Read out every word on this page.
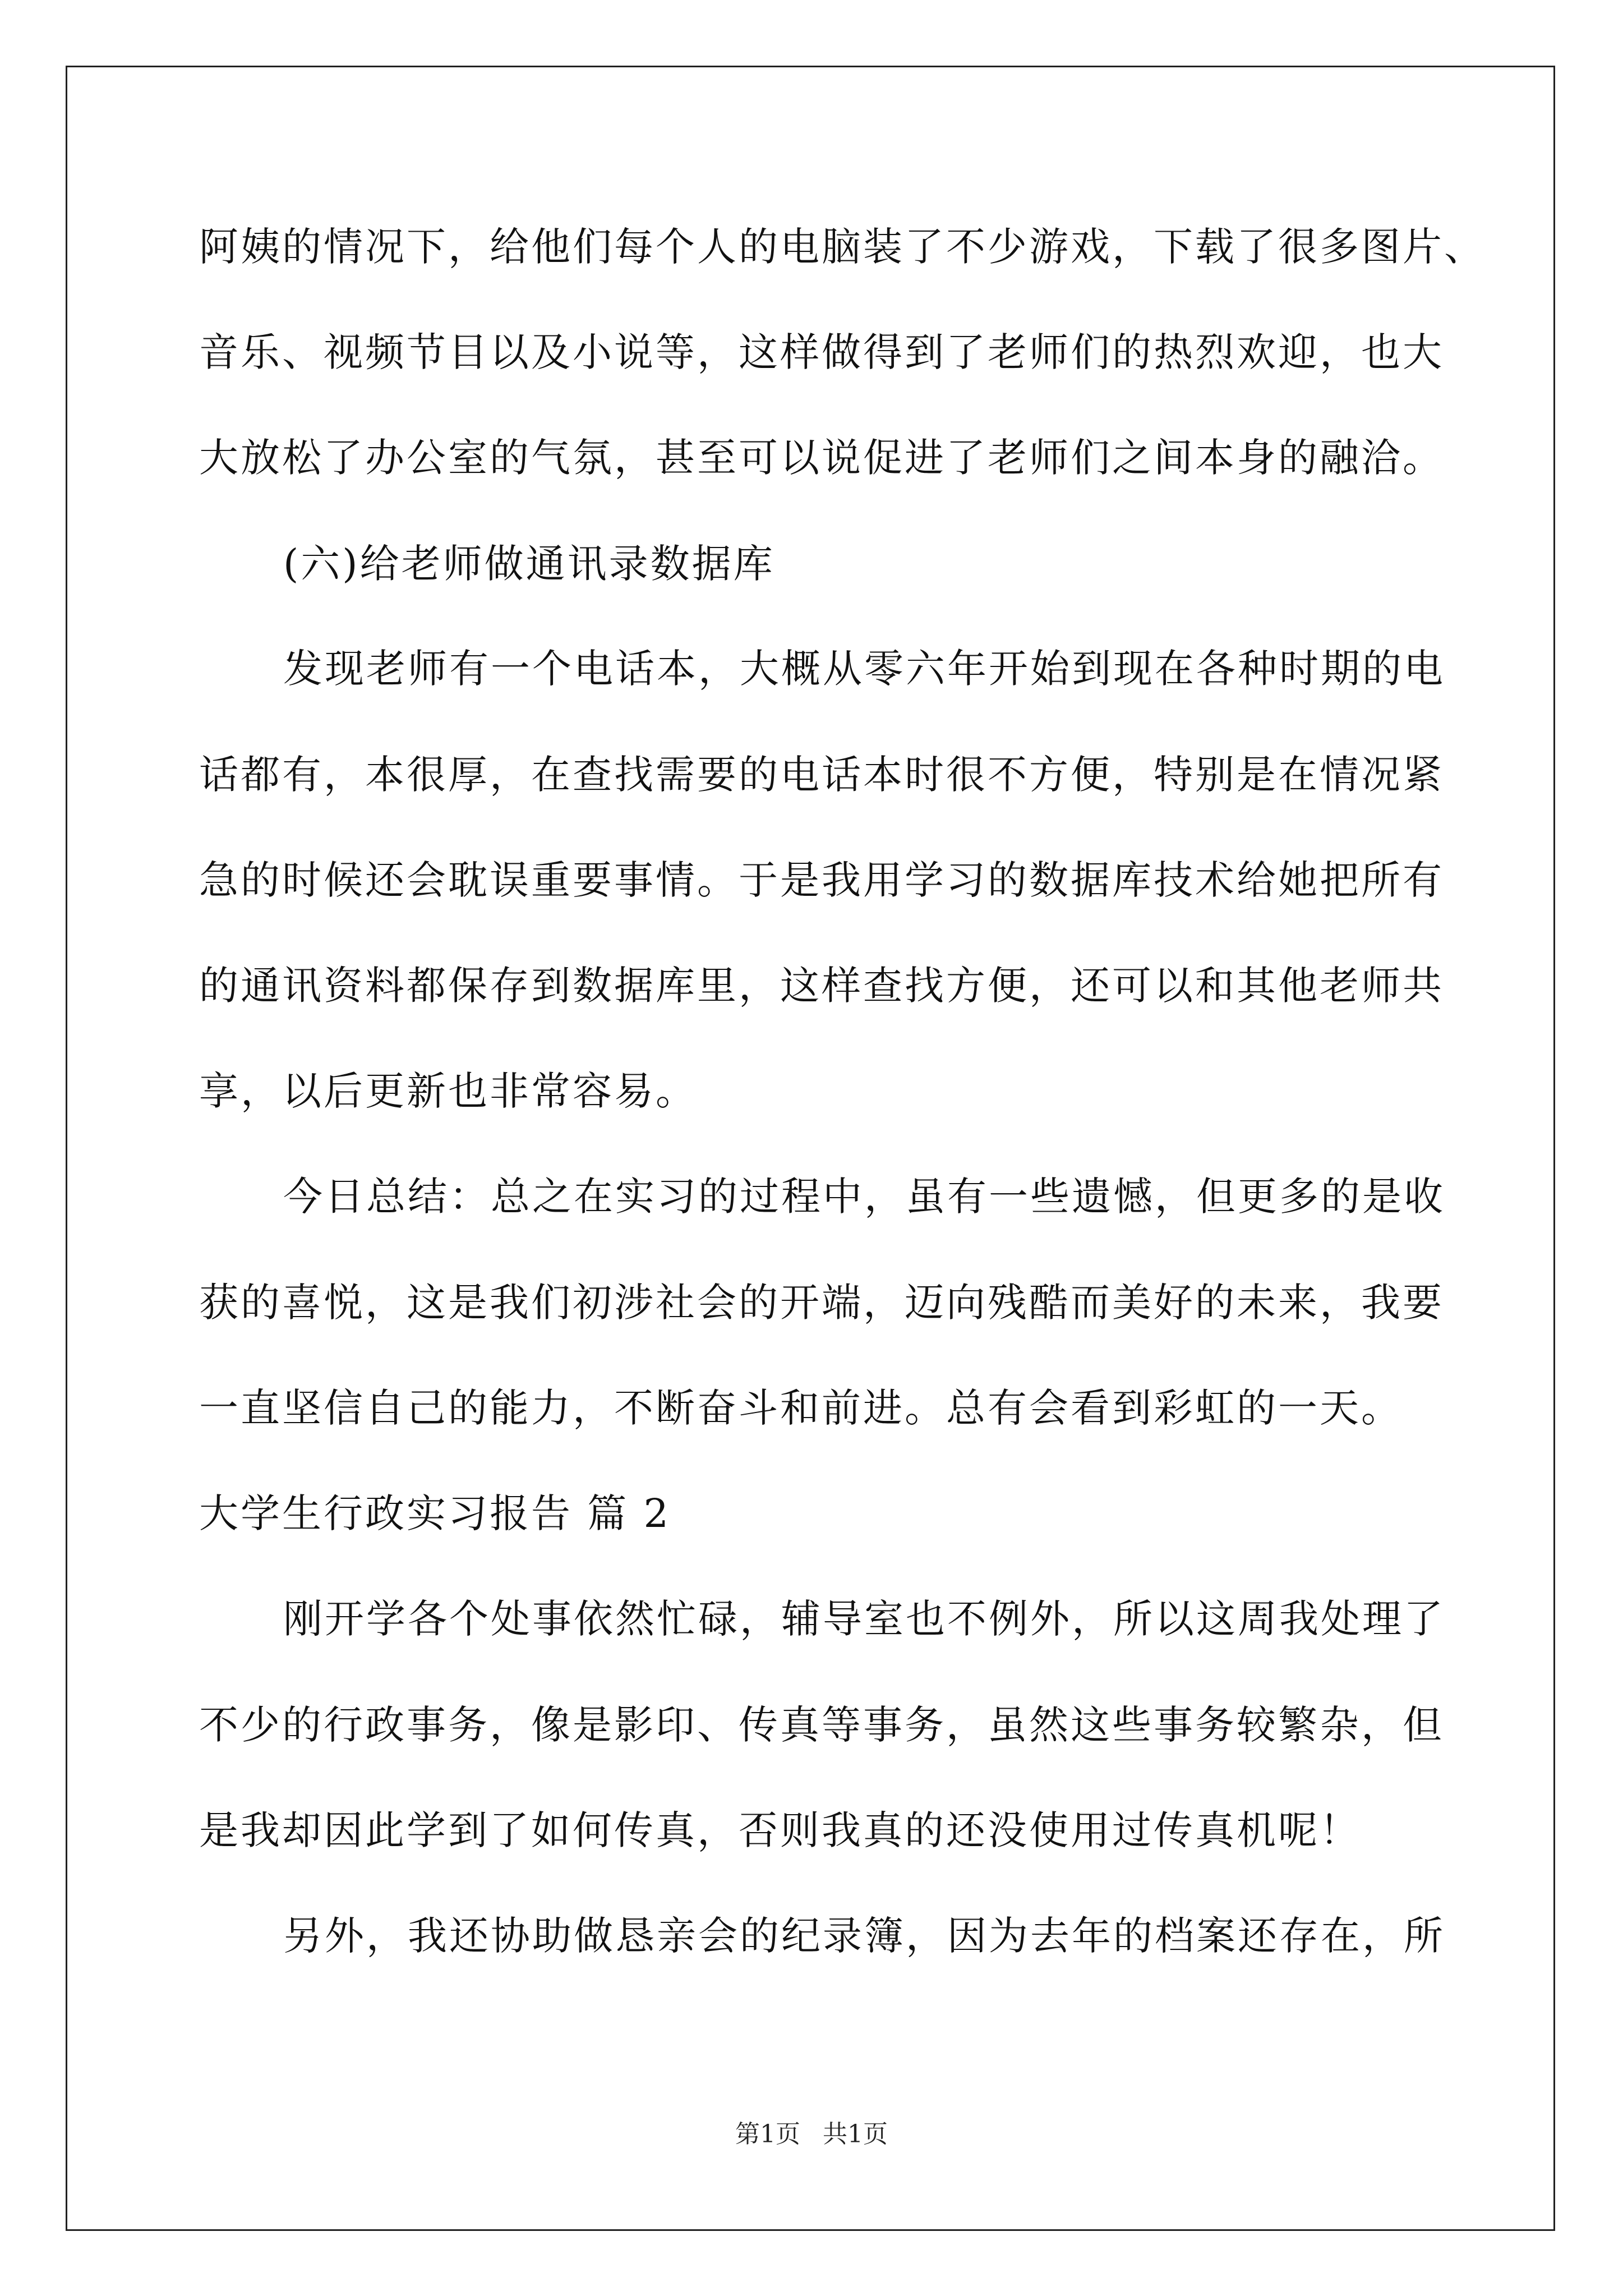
阿姨的情况下，给他们每个人的电脑装了不少游戏，下载了很多图片、
音乐、视频节目以及小说等，这样做得到了老师们的热烈欢迎，也大
大放松了办公室的气氛，甚至可以说促进了老师们之间本身的融洽。
(六)给老师做通讯录数据库
发现老师有一个电话本，大概从零六年开始到现在各种时期的电
话都有，本很厚，在查找需要的电话本时很不方便，特别是在情况紧
急的时候还会耽误重要事情。于是我用学习的数据库技术给她把所有
的通讯资料都保存到数据库里，这样查找方便，还可以和其他老师共
享，以后更新也非常容易。
今日总结：总之在实习的过程中，虽有一些遗憾，但更多的是收
获的喜悦，这是我们初涉社会的开端，迈向残酷而美好的未来，我要
一直坚信自己的能力，不断奋斗和前进。总有会看到彩虹的一天。
大学生行政实习报告 篇 2
刚开学各个处事依然忙碌，辅导室也不例外，所以这周我处理了
不少的行政事务，像是影印、传真等事务，虽然这些事务较繁杂，但
是我却因此学到了如何传真，否则我真的还没使用过传真机呢！
另外，我还协助做恳亲会的纪录簿，因为去年的档案还存在，所
第1页 共1页
